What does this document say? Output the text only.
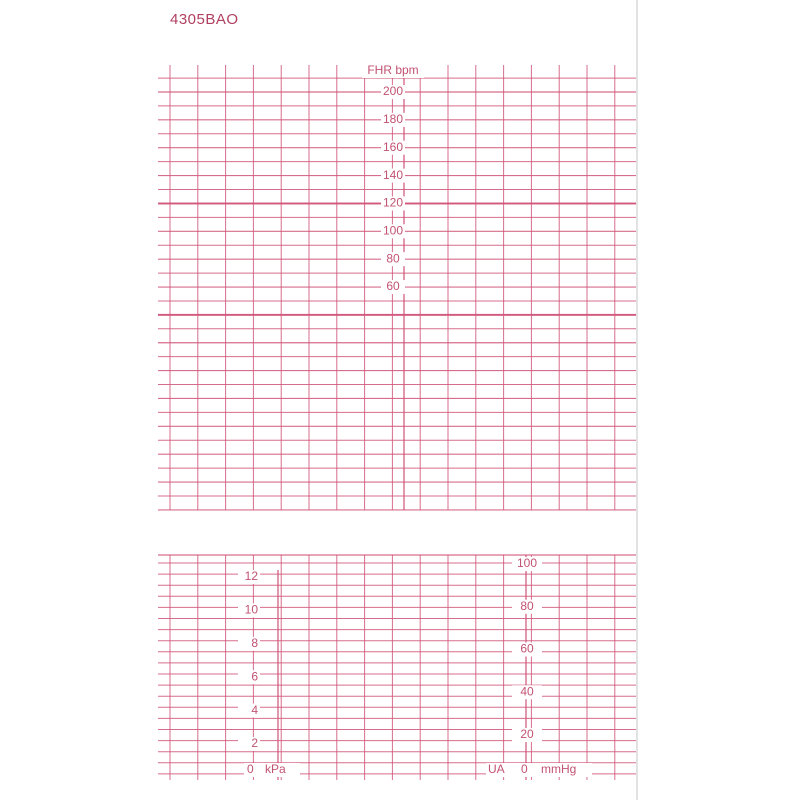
4305BAO
FHR bpm
200
180
160
140
120
100
80
60
12
10
8
6
4
2
0 kPa
100
80
60
40
20
UA 0 mmHg
